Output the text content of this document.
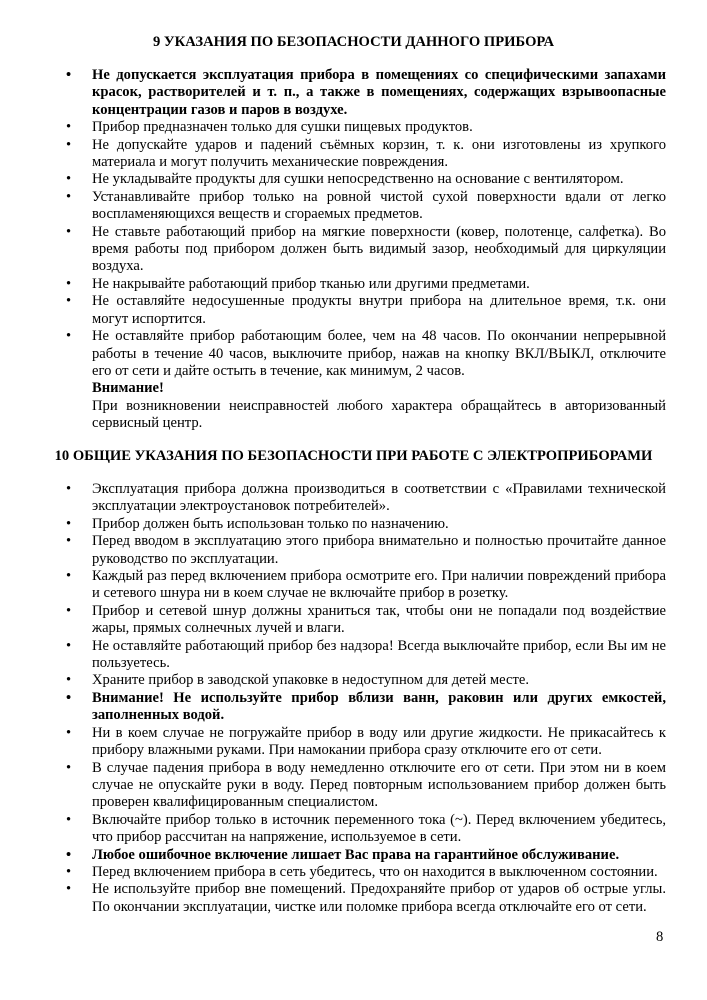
9 УКАЗАНИЯ ПО БЕЗОПАСНОСТИ ДАННОГО ПРИБОРА
• Не допускается эксплуатация прибора в помещениях со специфическими запахами красок, растворителей и т. п., а также в помещениях, содержащих взрывоопасные концентрации газов и паров в воздухе.
• Прибор предназначен только для сушки пищевых продуктов.
• Не допускайте ударов и падений съёмных корзин, т. к. они изготовлены из хрупкого материала и могут получить механические повреждения.
• Не укладывайте продукты для сушки непосредственно на основание с вентилятором.
• Устанавливайте прибор только на ровной чистой сухой поверхности вдали от легко воспламеняющихся веществ и сгораемых предметов.
• Не ставьте работающий прибор на мягкие поверхности (ковер, полотенце, салфетка). Во время работы под прибором должен быть видимый зазор, необходимый для циркуляции воздуха.
• Не накрывайте работающий прибор тканью или другими предметами.
• Не оставляйте недосушенные продукты внутри прибора на длительное время, т.к. они могут испортится.
• Не оставляйте прибор работающим более, чем на 48 часов. По окончании непрерывной работы в течение 40 часов, выключите прибор, нажав на кнопку ВКЛ/ВЫКЛ, отключите его от сети и дайте остыть в течение, как минимум, 2 часов.
Внимание!
При возникновении неисправностей любого характера обращайтесь в авторизованный сервисный центр.
10 ОБЩИЕ УКАЗАНИЯ ПО БЕЗОПАСНОСТИ ПРИ РАБОТЕ С ЭЛЕКТРОПРИБОРАМИ
• Эксплуатация прибора должна производиться в соответствии с «Правилами технической эксплуатации электроустановок потребителей».
• Прибор должен быть использован только по назначению.
• Перед вводом в эксплуатацию этого прибора внимательно и полностью прочитайте данное руководство по эксплуатации.
• Каждый раз перед включением прибора осмотрите его. При наличии повреждений прибора и сетевого шнура ни в коем случае не включайте прибор в розетку.
• Прибор и сетевой шнур должны храниться так, чтобы они не попадали под воздействие жары, прямых солнечных лучей и влаги.
• Не оставляйте работающий прибор без надзора! Всегда выключайте прибор, если Вы им не пользуетесь.
• Храните прибор в заводской упаковке в недоступном для детей месте.
• Внимание! Не используйте прибор вблизи ванн, раковин или других емкостей, заполненных водой.
• Ни в коем случае не погружайте прибор в воду или другие жидкости. Не прикасайтесь к прибору влажными руками. При намокании прибора сразу отключите его от сети.
• В случае падения прибора в воду немедленно отключите его от сети. При этом ни в коем случае не опускайте руки в воду. Перед повторным использованием прибор должен быть проверен квалифицированным специалистом.
• Включайте прибор только в источник переменного тока (~). Перед включением убедитесь, что прибор рассчитан на напряжение, используемое в сети.
• Любое ошибочное включение лишает Вас права на гарантийное обслуживание.
• Перед включением прибора в сеть убедитесь, что он находится в выключенном состоянии.
• Не используйте прибор вне помещений. Предохраняйте прибор от ударов об острые углы. По окончании эксплуатации, чистке или поломке прибора всегда отключайте его от сети.
8
